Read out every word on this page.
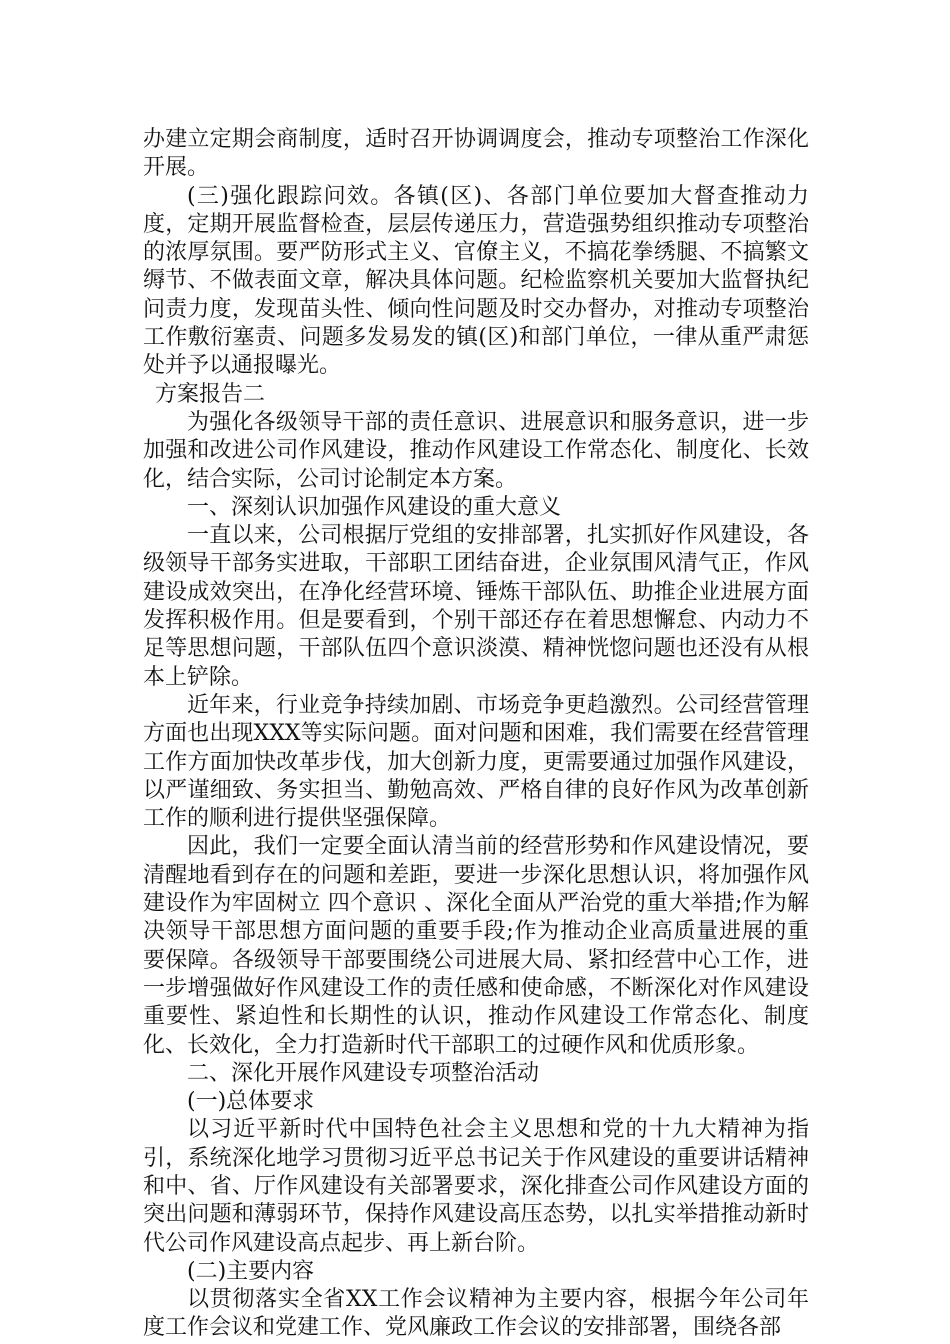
办建立定期会商制度，适时召开协调调度会，推动专项整治工作深化开展。

(三)强化跟踪问效。各镇(区)、各部门单位要加大督查推动力度，定期开展监督检查，层层传递压力，营造强势组织推动专项整治的浓厚氛围。要严防形式主义、官僚主义，不搞花拳绣腿、不搞繁文缛节、不做表面文章，解决具体问题。纪检监察机关要加大监督执纪问责力度，发现苗头性、倾向性问题及时交办督办，对推动专项整治工作敷衍塞责、问题多发易发的镇(区)和部门单位，一律从重严肃惩处并予以通报曝光。

方案报告二

为强化各级领导干部的责任意识、进展意识和服务意识，进一步加强和改进公司作风建设，推动作风建设工作常态化、制度化、长效化，结合实际，公司讨论制定本方案。

一、深刻认识加强作风建设的重大意义

一直以来，公司根据厅党组的安排部署，扎实抓好作风建设，各级领导干部务实进取，干部职工团结奋进，企业氛围风清气正，作风建设成效突出，在净化经营环境、锤炼干部队伍、助推企业进展方面发挥积极作用。但是要看到，个别干部还存在着思想懈怠、内动力不足等思想问题，干部队伍四个意识淡漠、精神恍惚问题也还没有从根本上铲除。

近年来，行业竞争持续加剧、市场竞争更趋激烈。公司经营管理方面也出现XXX等实际问题。面对问题和困难，我们需要在经营管理工作方面加快改革步伐，加大创新力度，更需要通过加强作风建设，以严谨细致、务实担当、勤勉高效、严格自律的良好作风为改革创新工作的顺利进行提供坚强保障。

因此，我们一定要全面认清当前的经营形势和作风建设情况，要清醒地看到存在的问题和差距，要进一步深化思想认识，将加强作风建设作为牢固树立 四个意识 、深化全面从严治党的重大举措;作为解决领导干部思想方面问题的重要手段;作为推动企业高质量进展的重要保障。各级领导干部要围绕公司进展大局、紧扣经营中心工作，进一步增强做好作风建设工作的责任感和使命感，不断深化对作风建设重要性、紧迫性和长期性的认识，推动作风建设工作常态化、制度化、长效化，全力打造新时代干部职工的过硬作风和优质形象。

二、深化开展作风建设专项整治活动

(一)总体要求

以习近平新时代中国特色社会主义思想和党的十九大精神为指引，系统深化地学习贯彻习近平总书记关于作风建设的重要讲话精神和中、省、厅作风建设有关部署要求，深化排查公司作风建设方面的突出问题和薄弱环节，保持作风建设高压态势，以扎实举措推动新时代公司作风建设高点起步、再上新台阶。

(二)主要内容

以贯彻落实全省XX工作会议精神为主要内容，根据今年公司年度工作会议和党建工作、党风廉政工作会议的安排部署，围绕各部
